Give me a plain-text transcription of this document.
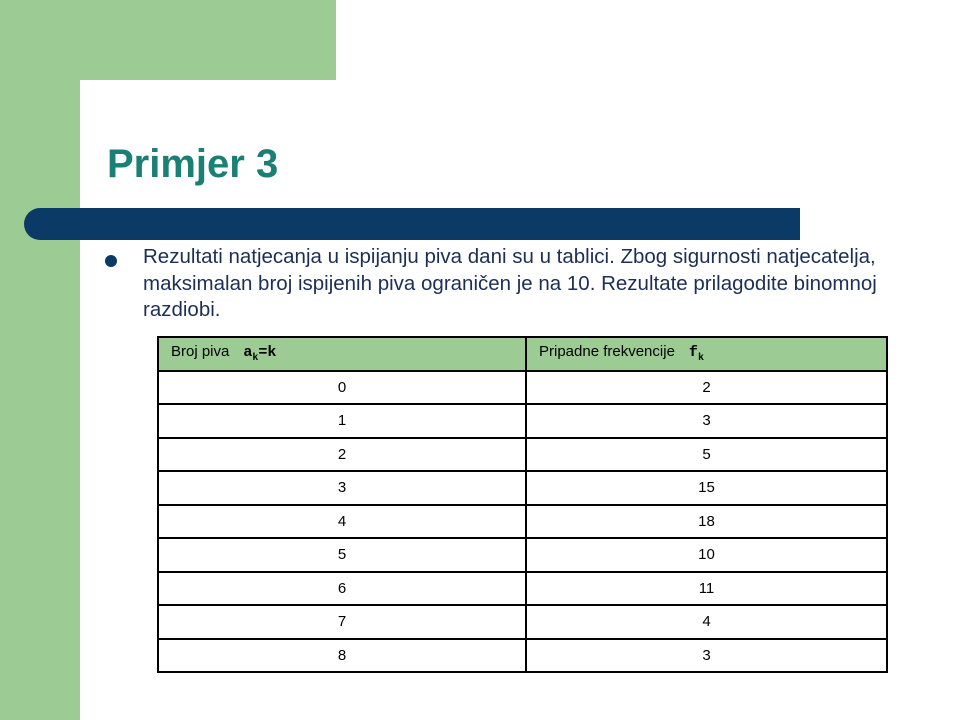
Primjer 3

Rezultati natjecanja u ispijanju piva dani su u tablici. Zbog sigurnosti natjecatelja, maksimalan broj ispijenih piva ograničen je na 10. Rezultate prilagodite binomnoj razdiobi.

Broj piva $a_k=k$	Pripadne frekvencije $f_k$
0	2
1	3
2	5
3	15
4	18
5	10
6	11
7	4
8	3
